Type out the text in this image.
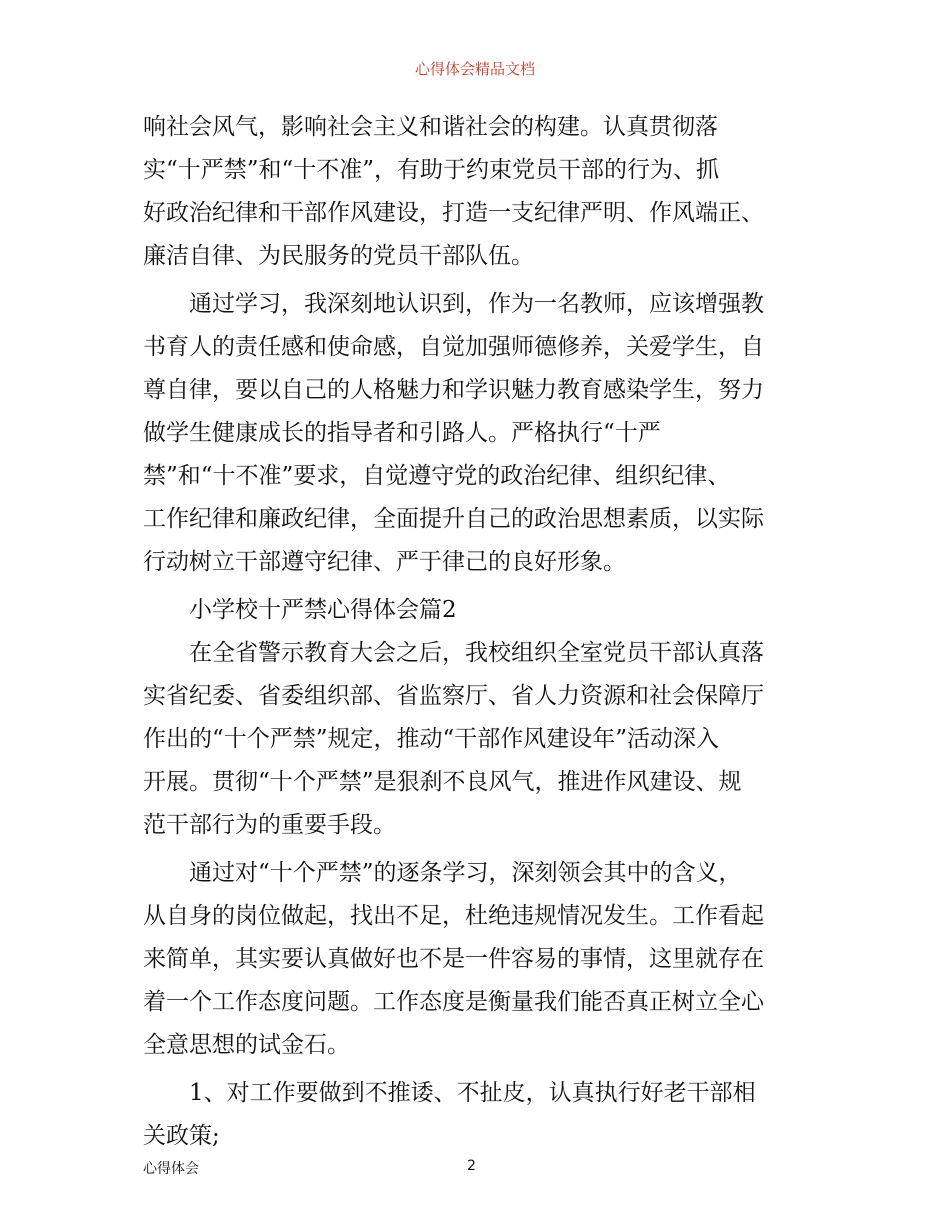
心得体会精品文档
响社会风气，影响社会主义和谐社会的构建。认真贯彻落
实“十严禁”和“十不准”，有助于约束党员干部的行为、抓
好政治纪律和干部作风建设，打造一支纪律严明、作风端正、
廉洁自律、为民服务的党员干部队伍。
通过学习，我深刻地认识到，作为一名教师，应该增强教
书育人的责任感和使命感，自觉加强师德修养，关爱学生，自
尊自律，要以自己的人格魅力和学识魅力教育感染学生，努力
做学生健康成长的指导者和引路人。严格执行“十严
禁”和“十不准”要求，自觉遵守党的政治纪律、组织纪律、
工作纪律和廉政纪律，全面提升自己的政治思想素质，以实际
行动树立干部遵守纪律、严于律己的良好形象。
小学校十严禁心得体会篇2
在全省警示教育大会之后，我校组织全室党员干部认真落
实省纪委、省委组织部、省监察厅、省人力资源和社会保障厅
作出的“十个严禁”规定，推动“干部作风建设年”活动深入
开展。贯彻“十个严禁”是狠刹不良风气，推进作风建设、规
范干部行为的重要手段。
通过对“十个严禁”的逐条学习，深刻领会其中的含义，
从自身的岗位做起，找出不足，杜绝违规情况发生。工作看起
来简单，其实要认真做好也不是一件容易的事情，这里就存在
着一个工作态度问题。工作态度是衡量我们能否真正树立全心
全意思想的试金石。
1、对工作要做到不推诿、不扯皮，认真执行好老干部相
关政策;
心得体会	2
